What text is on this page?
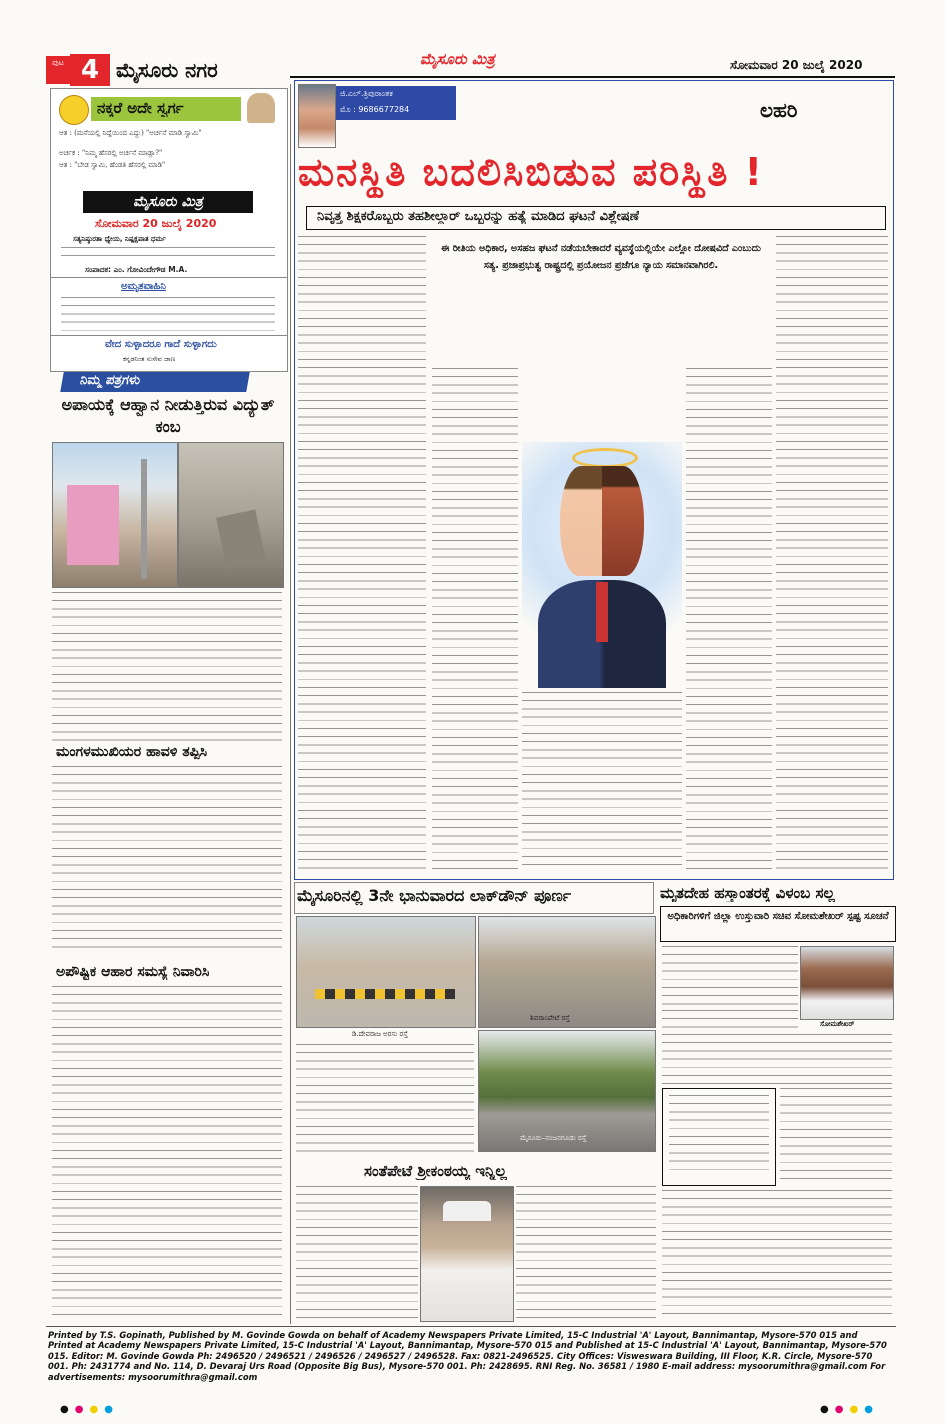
ಪುಟ 4 ಮೈಸೂರು ನಗರ	ಮೈಸೂರು ಮಿತ್ರ	ಸೋಮವಾರ 20 ಜುಲೈ 2020
ನಕ್ಕರೆ ಅದೇ ಸ್ವರ್ಗ
ಆತ : (ಮನೆಯಲ್ಲಿ ನಿದ್ದೆಯಿಂದ ಎದ್ದು) "ಅರ್ಚನೆ ಮಾಡಿ ಸ್ವಾಮಿ"
ಅರ್ಚಕ : "ನಿಮ್ಮ ಹೆಸರಲ್ಲಿ ಅರ್ಚನೆ ಮಾಡ್ಲಾ?"
ಆತ : "ಬೇಡ ಸ್ವಾಮಿ, ಹೆಂಡತಿ ಹೆಸರಲ್ಲಿ ಮಾಡಿ"
ಮೈಸೂರು ಮಿತ್ರ
ಸೋಮವಾರ 20 ಜುಲೈ 2020
ಸತ್ಯನಿಷ್ಠುರತಾ ಧ್ಯೇಯ, ನಿಷ್ಪಕ್ಷಪಾತ ಧರ್ಮ
ಸಂಪಾದಕ: ಎಂ. ಗೋವಿಂದೇಗೌಡ M.A.
ಅಮೃತವಾಹಿನಿ
ವೇದ ಸುಳ್ಳಾದರೂ ಗಾದೆ ಸುಳ್ಳಾಗದು
ಕನ್ನಡನಿಂತ ಸುಸೇವ ಜಾಣ
ನಿಮ್ಮ ಪತ್ರಗಳು
ಅಪಾಯಕ್ಕೆ ಆಹ್ವಾನ ನೀಡುತ್ತಿರುವ ವಿದ್ಯುತ್ ಕಂಬ
ಮಂಗಳಮುಖಿಯರ ಹಾವಳಿ ತಪ್ಪಿಸಿ
ಅಪೌಷ್ಟಿಕ ಆಹಾರ ಸಮಸ್ಯೆ ನಿವಾರಿಸಿ
ಜಿ.ಎಲ್.ತ್ರಿಪುರಾಂತಕ
ಮೊ : 9686677284	ಲಹರಿ
ಮನಸ್ಥಿತಿ ಬದಲಿಸಿಬಿಡುವ ಪರಿಸ್ಥಿತಿ !
ನಿವೃತ್ತ ಶಿಕ್ಷಕರೊಬ್ಬರು ತಹಶೀಲ್ದಾರ್ ಒಬ್ಬರನ್ನು ಹತ್ಯೆ ಮಾಡಿದ ಘಟನೆ ವಿಶ್ಲೇಷಣೆ
ಈ ರೀತಿಯ ಅಧಿಕಾರ, ಅಸಹಜ ಘಟನೆ ನಡೆಯಬೇಕಾದರೆ ವ್ಯವಸ್ಥೆಯಲ್ಲಿಯೇ ಎಲ್ಲೋ ದೋಷವಿದೆ ಎಂಬುದು ಸತ್ಯ. ಪ್ರಜಾಪ್ರಭುತ್ವ ರಾಷ್ಟ್ರದಲ್ಲಿ ಪ್ರಯೋಜನ ಪ್ರಜೆಗೂ ನ್ಯಾಯ ಸಮಾನವಾಗಿರಲಿ.
ಮೈಸೂರಿನಲ್ಲಿ 3ನೇ ಭಾನುವಾರದ ಲಾಕ್‌ಡೌನ್ ಪೂರ್ಣ
ಡಿ.ದೇವರಾಜ ಅರಸು ರಸ್ತೆ
ಶಿವರಾಂಪೇಟೆ ರಸ್ತೆ
ಮೈಸೂರು–ನಂಜನಗೂಡು ರಸ್ತೆ
ಮೃತದೇಹ ಹಸ್ತಾಂತರಕ್ಕೆ ವಿಳಂಬ ಸಲ್ಲ
ಅಧಿಕಾರಿಗಳಿಗೆ ಜಿಲ್ಲಾ ಉಸ್ತುವಾರಿ ಸಚಿವ ಸೋಮಶೇಖರ್ ಸ್ಪಷ್ಟ ಸೂಚನೆ
ಸೋಮಶೇಖರ್
ಸಂತೆಪೇಟೆ ಶ್ರೀಕಂಠಯ್ಯ ಇನ್ನಿಲ್ಲ
Printed by T.S. Gopinath, Published by M. Govinde Gowda on behalf of Academy Newspapers Private Limited, 15-C Industrial 'A' Layout, Bannimantap, Mysore-570 015 and Printed at Academy Newspapers Private Limited, 15-C Industrial 'A' Layout, Bannimantap, Mysore-570 015 and Published at 15-C Industrial 'A' Layout, Bannimantap, Mysore-570 015. Editor: M. Govinde Gowda Ph: 2496520 / 2496521 / 2496526 / 2496527 / 2496528. Fax: 0821-2496525. City Offices: Visweswara Building, III Floor, K.R. Circle, Mysore-570 001. Ph: 2431774 and No. 114, D. Devaraj Urs Road (Opposite Big Bus), Mysore-570 001. Ph: 2428695. RNI Reg. No. 36581 / 1980 E-mail address: mysoorumithra@gmail.com For advertisements: mysoorumithra@gmail.com
●●●●	●●●●
